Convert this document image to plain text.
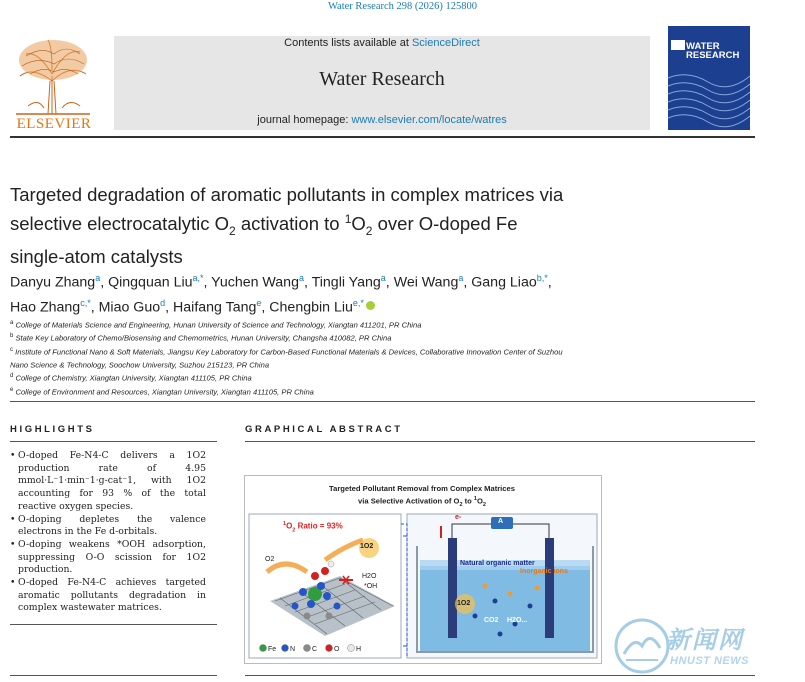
Water Research 298 (2026) 125800
ELSEVIER
Contents lists available at ScienceDirect
Water Research
journal homepage: www.elsevier.com/locate/watres
WATER
RESEARCH
Targeted degradation of aromatic pollutants in complex matrices via
selective electrocatalytic $O_2$ activation to $^1O_2$ over O-doped Fe
single-atom catalysts
Danyu Zhang$^a$, Qingquan Liu$^{a,*}$, Yuchen Wang$^a$, Tingli Yang$^a$, Wei Wang$^a$, Gang Liao$^{b,*}$,
Hao Zhang$^{c,*}$, Miao Guo$^d$, Haifang Tang$^e$, Chengbin Liu$^{e,*}$
$^a$ College of Materials Science and Engineering, Hunan University of Science and Technology, Xiangtan 411201, PR China
$^b$ State Key Laboratory of Chemo/Biosensing and Chemometrics, Hunan University, Changsha 410082, PR China
$^c$ Institute of Functional Nano & Soft Materials, Jiangsu Key Laboratory for Carbon-Based Functional Materials & Devices, Collaborative Innovation Center of Suzhou
Nano Science & Technology, Soochow University, Suzhou 215123, PR China
$^d$ College of Chemistry, Xiangtan University, Xiangtan 411105, PR China
$^e$ College of Environment and Resources, Xiangtan University, Xiangtan 411105, PR China
HIGHLIGHTS
• O-doped Fe-N4-C delivers a 1O2 production rate of 4.95 mmol·L⁻1·min⁻1·g-cat⁻1, with 1O2 accounting for 93 % of the total reactive oxygen species.
• O-doping depletes the valence electrons in the Fe d-orbitals.
• O-doping weakens *OOH adsorption, suppressing O-O scission for 1O2 production.
• O-doped Fe-N4-C achieves targeted aromatic pollutants degradation in complex wastewater matrices.
GRAPHICAL ABSTRACT
Fe N C O H
Targeted Pollutant Removal from Complex Matrices
via Selective Activation of $O_2$ to $^1O_2$
$^1O_2$ Ratio = 93%
O2
1O2
H2O
*OH
e-
A
Natural organic matter
Inorganic ions
1O2
CO2 H2O...
新闻网
HNUST NEWS
